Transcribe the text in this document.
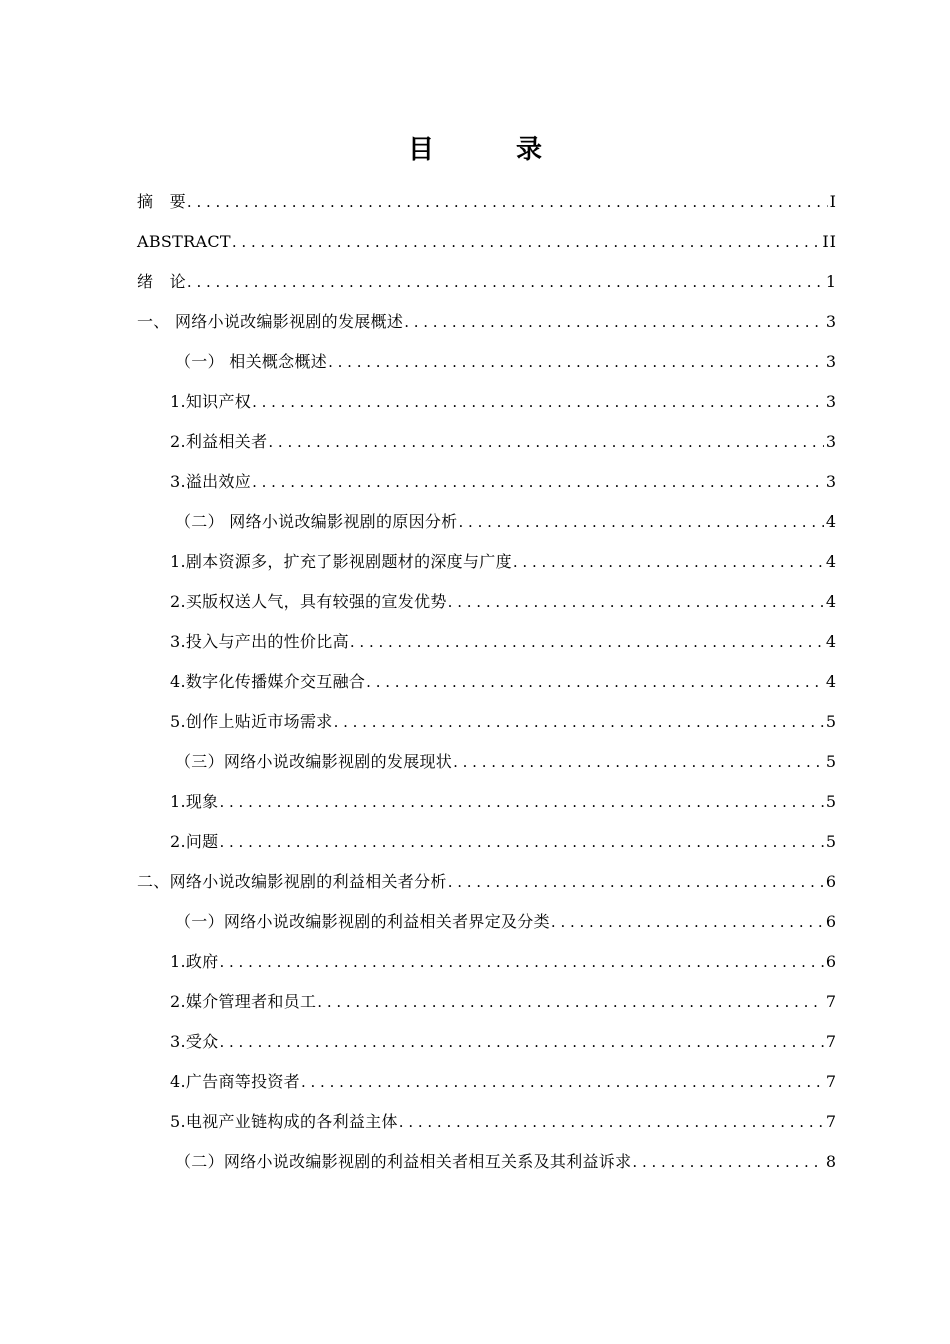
目　录
摘　要 . . .	I
ABSTRACT . . .	II
绪　论 . . .	1
一、 网络小说改编影视剧的发展概述 . . .	3
（一） 相关概念概述 . . .	3
1.知识产权 . . .	3
2.利益相关者 . . .	3
3.溢出效应 . . .	3
（二） 网络小说改编影视剧的原因分析 . . .	4
1.剧本资源多，扩充了影视剧题材的深度与广度 . . .	4
2.买版权送人气，具有较强的宣发优势 . . .	4
3.投入与产出的性价比高 . . .	4
4.数字化传播媒介交互融合 . . .	4
5.创作上贴近市场需求 . . .	5
（三）网络小说改编影视剧的发展现状 . . .	5
1.现象 . . .	5
2.问题 . . .	5
二、网络小说改编影视剧的利益相关者分析 . . .	6
（一）网络小说改编影视剧的利益相关者界定及分类 . . .	6
1.政府 . . .	6
2.媒介管理者和员工 . . .	7
3.受众 . . .	7
4.广告商等投资者 . . .	7
5.电视产业链构成的各利益主体 . . .	7
（二）网络小说改编影视剧的利益相关者相互关系及其利益诉求 . . .	8
